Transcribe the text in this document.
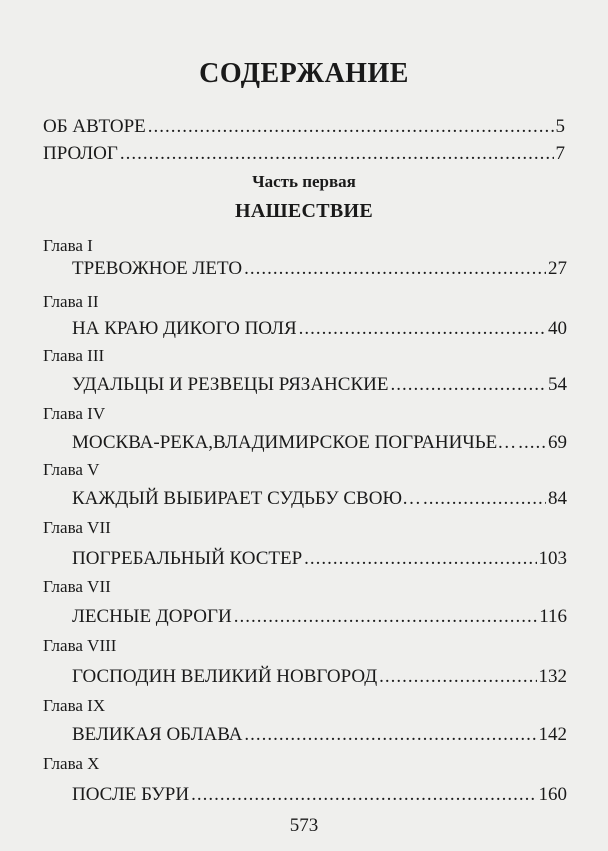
СОДЕРЖАНИЕ
ОБ АВТОРЕ .....	5
ПРОЛОГ .....	7
Часть первая
НАШЕСТВИЕ
Глава I
ТРЕВОЖНОЕ ЛЕТО .....	27
Глава II
НА КРАЮ ДИКОГО ПОЛЯ .....	40
Глава III
УДАЛЬЦЫ И РЕЗВЕЦЫ РЯЗАНСКИЕ .....	54
Глава IV
МОСКВА-РЕКА,ВЛАДИМИРСКОЕ ПОГРАНИЧЬЕ… ..... 69
Глава V
КАЖДЫЙ ВЫБИРАЕТ СУДЬБУ СВОЮ… .....	84
Глава VII
ПОГРЕБАЛЬНЫЙ КОСТЕР .....	103
Глава VII
ЛЕСНЫЕ ДОРОГИ .....	116
Глава VIII
ГОСПОДИН ВЕЛИКИЙ НОВГОРОД .....	132
Глава IX
ВЕЛИКАЯ ОБЛАВА .....	142
Глава X
ПОСЛЕ БУРИ .....	160
573
